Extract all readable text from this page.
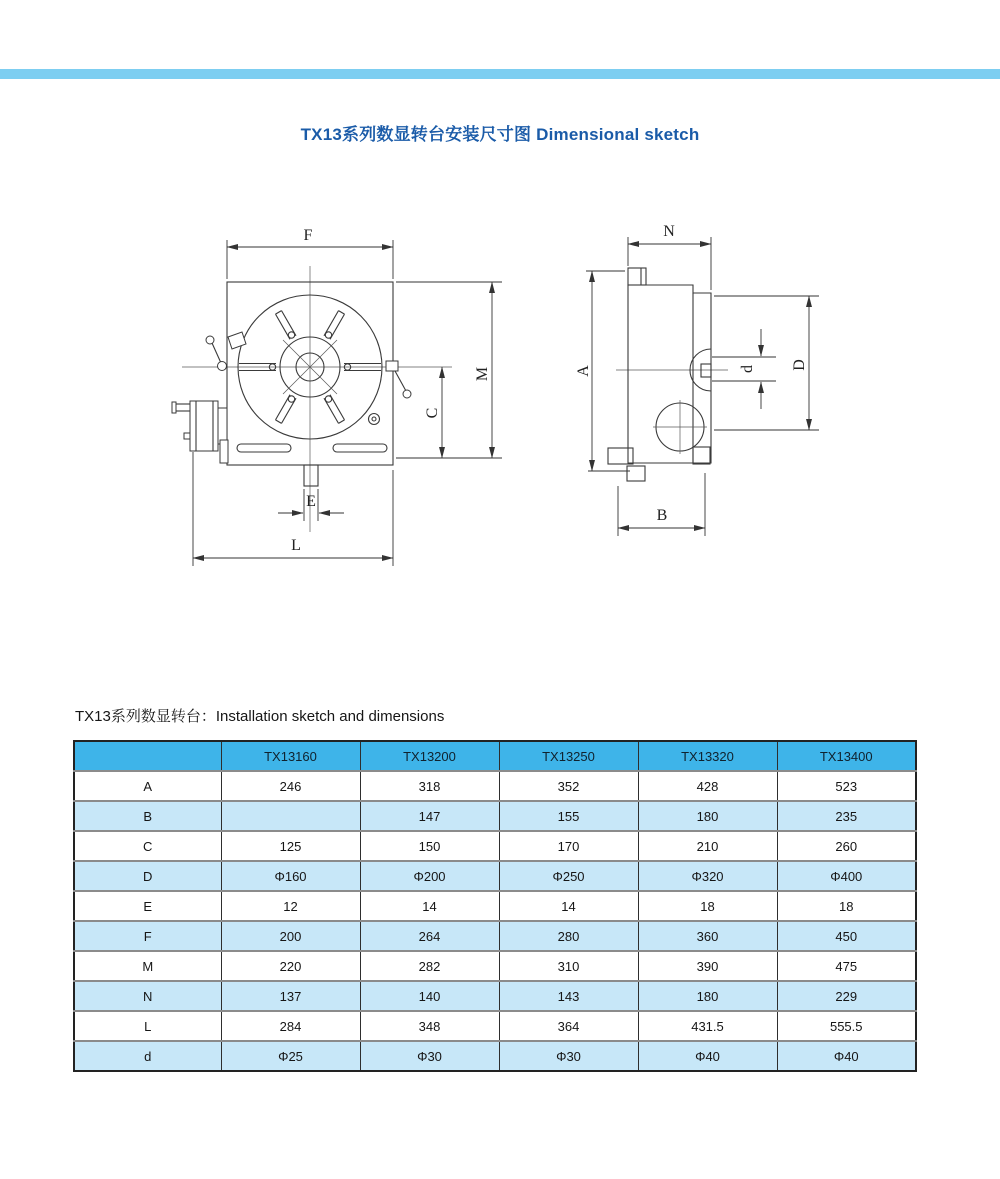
TX13系列数显转台安装尺寸图 Dimensional sketch
F
M
C
E
L
N
A	d D
B
TX13系列数显转台：Installation sketch and dimensions
	TX13160	TX13200	TX13250	TX13320	TX13400
A	246	318	352	428	523
B		147	155	180	235
C	125	150	170	210	260
D	Φ160	Φ200	Φ250	Φ320	Φ400
E	12	14	14	18	18
F	200	264	280	360	450
M	220	282	310	390	475
N	137	140	143	180	229
L	284	348	364	431.5	555.5
d	Φ25	Φ30	Φ30	Φ40	Φ40
